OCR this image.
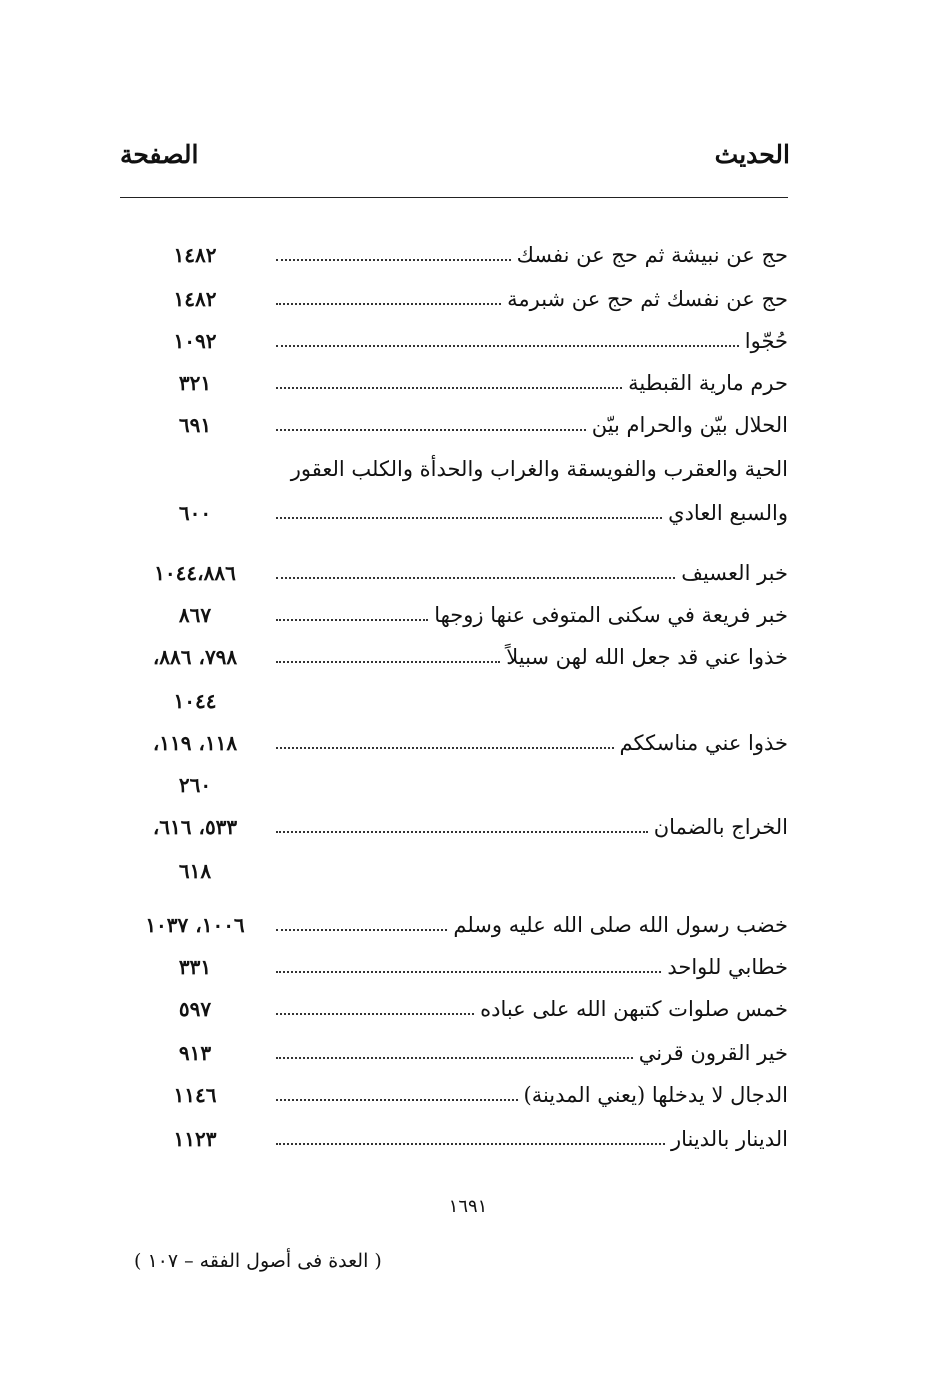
الحديث
الصفحة
حج عن نبيشة ثم حج عن نفسك
١٤٨٢
حج عن نفسك ثم حج عن شبرمة
١٤٨٢
حُجّوا
١٠٩٢
حرم مارية القبطية
٣٢١
الحلال بيّن والحرام بيّن
٦٩١
الحية والعقرب والفويسقة والغراب والحدأة والكلب العقور
والسبع العادي
٦٠٠
خبر العسيف
١٠٤٤،٨٨٦
خبر فريعة في سكنى المتوفى عنها زوجها
٨٦٧
خذوا عني قد جعل الله لهن سبيلاً
٧٩٨، ٨٨٦،
١٠٤٤
خذوا عني مناسككم
١١٨، ١١٩،
٢٦٠
الخراج بالضمان
٥٣٣، ٦١٦،
٦١٨
خضب رسول الله صلى الله عليه وسلم
١٠٠٦، ١٠٣٧
خطابي للواحد
٣٣١
خمس صلوات كتبهن الله على عباده
٥٩٧
خير القرون قرني
٩١٣
الدجال لا يدخلها (يعني المدينة)
١١٤٦
الدينار بالدينار
١١٢٣
١٦٩١
( العدة فى أصول الفقه – ١٠٧ )
